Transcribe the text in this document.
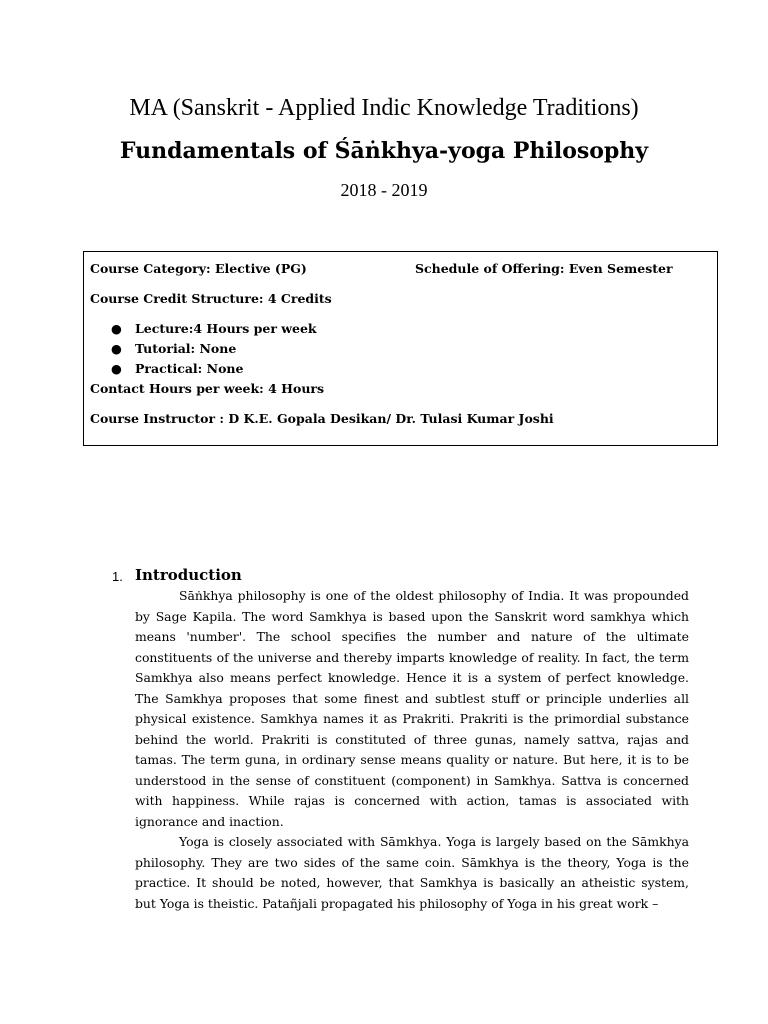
MA (Sanskrit - Applied Indic Knowledge Traditions)
Fundamentals of Śāṅkhya-yoga Philosophy
2018 - 2019
Course Category: Elective (PG)	Schedule of Offering: Even Semester
Course Credit Structure: 4 Credits
● Lecture:4 Hours per week
● Tutorial: None
● Practical: None
Contact Hours per week: 4 Hours
Course Instructor : D K.E. Gopala Desikan/ Dr. Tulasi Kumar Joshi
1. Introduction

Sāṅkhya philosophy is one of the oldest philosophy of India. It was propounded by Sage Kapila. The word Samkhya is based upon the Sanskrit word samkhya which means 'number'. The school specifies the number and nature of the ultimate constituents of the universe and thereby imparts knowledge of reality. In fact, the term Samkhya also means perfect knowledge. Hence it is a system of perfect knowledge. The Samkhya proposes that some finest and subtlest stuff or principle underlies all physical existence. Samkhya names it as Prakriti. Prakriti is the primordial substance behind the world. Prakriti is constituted of three gunas, namely sattva, rajas and tamas. The term guna, in ordinary sense means quality or nature. But here, it is to be understood in the sense of constituent (component) in Samkhya. Sattva is concerned with happiness. While rajas is concerned with action, tamas is associated with ignorance and inaction.

Yoga is closely associated with Sāmkhya. Yoga is largely based on the Sāmkhya philosophy. They are two sides of the same coin. Sāmkhya is the theory, Yoga is the practice. It should be noted, however, that Samkhya is basically an atheistic system, but Yoga is theistic. Patañjali propagated his philosophy of Yoga in his great work –
